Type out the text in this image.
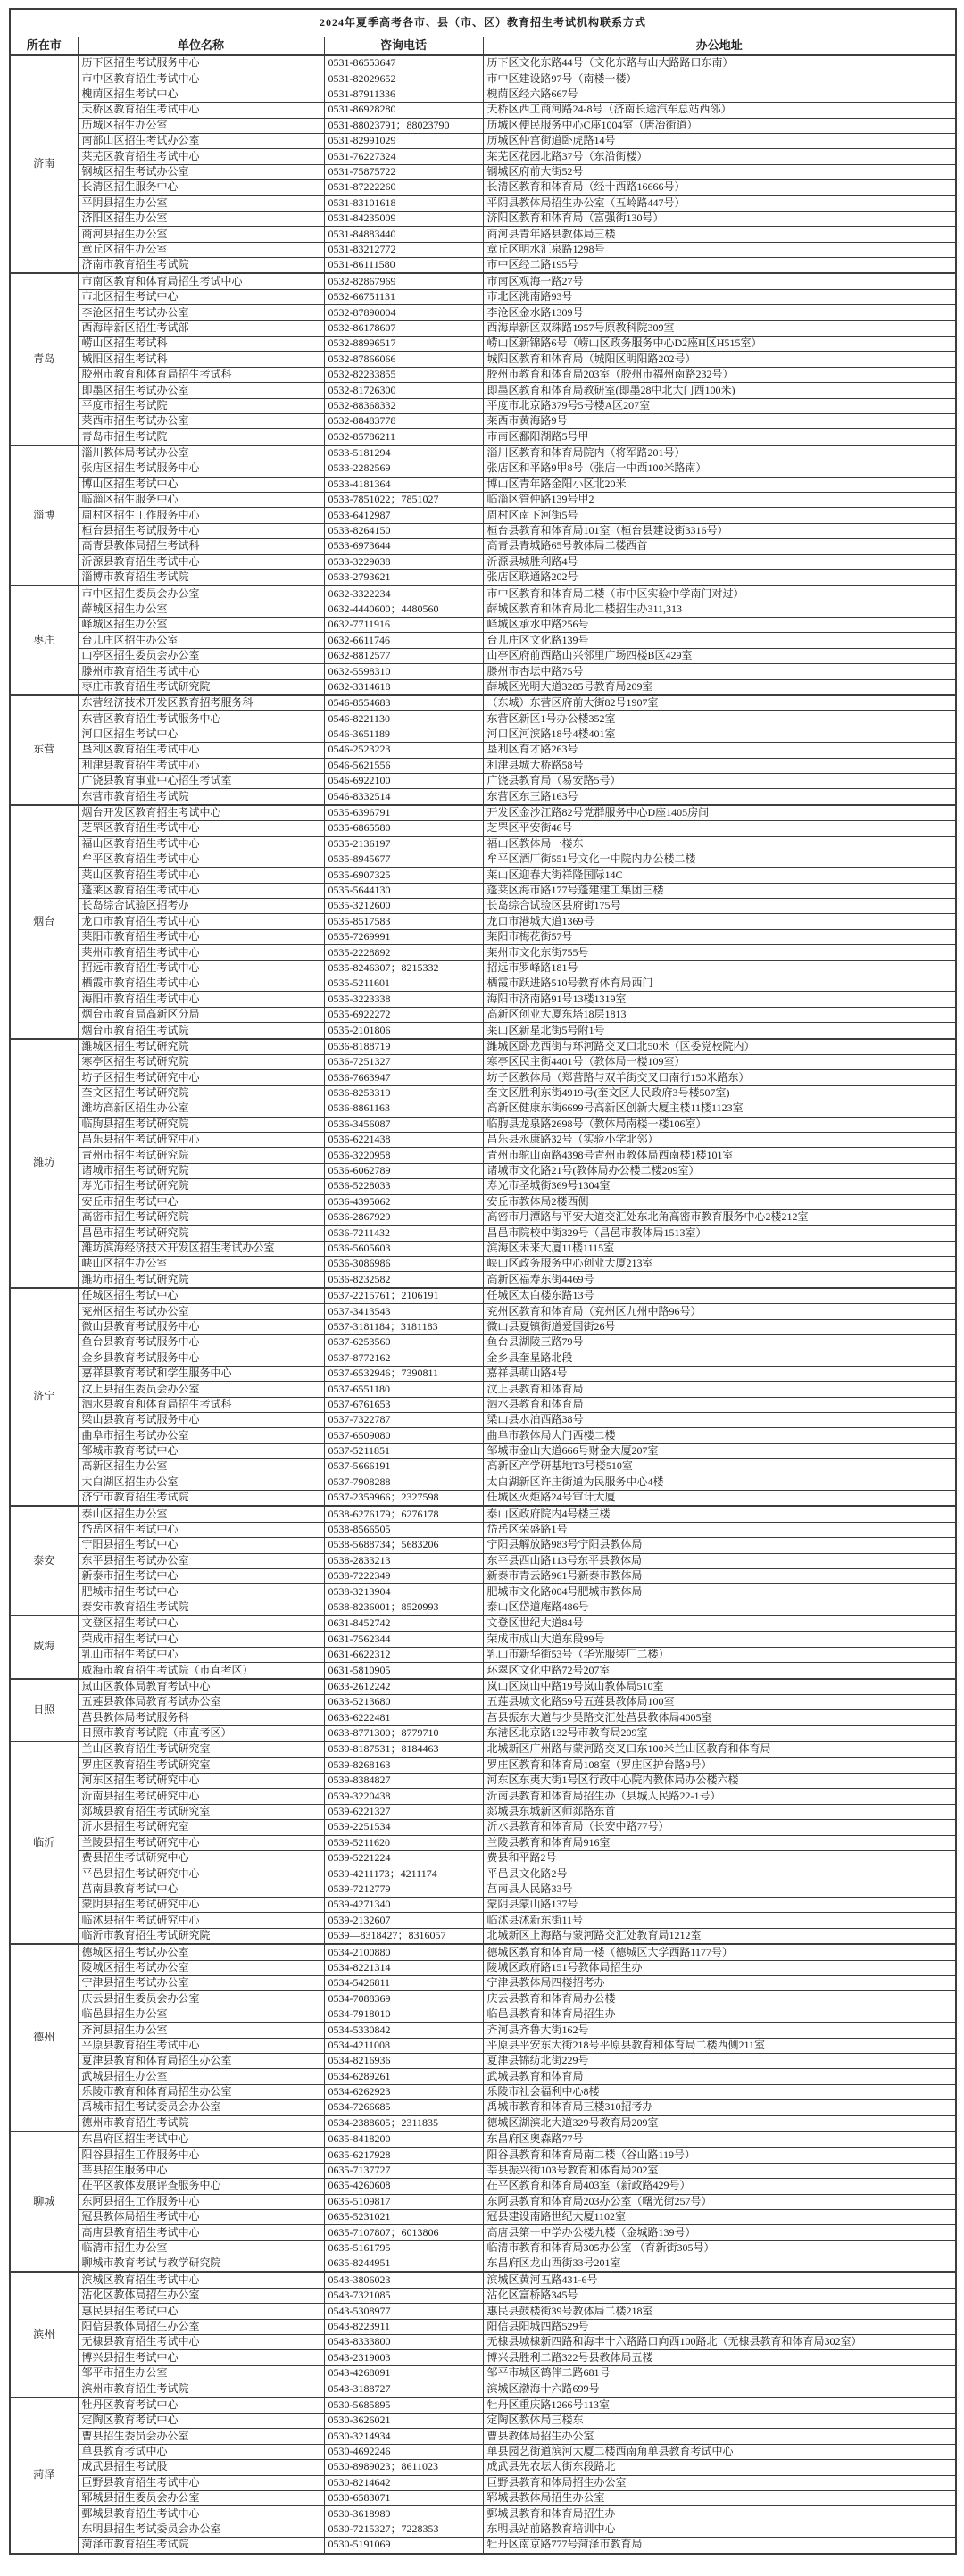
2024年夏季高考各市、县（市、区）教育招生考试机构联系方式			
所在市	单位名称	咨询电话	办公地址
济南	历下区招生考试服务中心	0531-86553647	历下区文化东路44号（文化东路与山大路路口东南）
	市中区教育招生考试中心	0531-82029652	市中区建设路97号（南楼一楼）
	槐荫区招生考试中心	0531-87911336	槐荫区经六路667号
	天桥区教育招生考试中心	0531-86928280	天桥区西工商河路24-8号（济南长途汽车总站西邻）
	历城区招生办公室	0531-88023791；88023790	历城区便民服务中心C座1004室（唐冶街道）
	南部山区招生考试办公室	0531-82991029	历城区仲宫街道卧虎路14号
	莱芜区教育招生考试中心	0531-76227324	莱芜区花园北路37号（东沿街楼）
	钢城区招生考试办公室	0531-75875722	钢城区府前大街52号
	长清区招生服务中心	0531-87222260	长清区教育和体育局（经十西路16666号）
	平阴县招生办公室	0531-83101618	平阴县教体局招生办公室（五岭路447号）
	济阳区招生办公室	0531-84235009	济阳区教育和体育局（富强街130号）
	商河县招生办公室	0531-84883440	商河县青年路县教体局三楼
	章丘区招生办公室	0531-83212772	章丘区明水汇泉路1298号
	济南市教育招生考试院	0531-86111580	市中区经二路195号
青岛	市南区教育和体育局招生考试中心	0532-82867969	市南区观海一路27号
	市北区招生考试中心	0532-66751131	市北区洮南路93号
	李沧区招生考试办公室	0532-87890004	李沧区金水路1309号
	西海岸新区招生考试部	0532-86178607	西海岸新区双珠路1957号原教科院309室
	崂山区招生考试科	0532-88996517	崂山区新锦路6号（崂山区政务服务中心D2座H区H515室）
	城阳区招生考试科	0532-87866066	城阳区教育和体育局（城阳区明阳路202号）
	胶州市教育和体育局招生考试科	0532-82233855	胶州市教育和体育局203室（胶州市福州南路232号）
	即墨区招生考试办公室	0532-81726300	即墨区教育和体育局教研室(即墨28中北大门西100米)
	平度市招生考试院	0532-88368332	平度市北京路379号5号楼A区207室
	莱西市招生考试办公室	0532-88483778	莱西市黄海路9号
	青岛市招生考试院	0532-85786211	市南区鄱阳湖路5号甲
淄博	淄川教体局考试办公室	0533-5181294	淄川区教育和体育局院内（将军路201号）
	张店区招生考试服务中心	0533-2282569	张店区和平路9甲8号（张店一中西100米路南）
	博山区招生考试中心	0533-4181364	博山区青年路金阳小区北20米
	临淄区招生服务中心	0533-7851022；7851027	临淄区管仲路139号甲2
	周村区招生工作服务中心	0533-6412987	周村区南下河街5号
	桓台县招生考试服务中心	0533-8264150	桓台县教育和体育局101室（桓台县建设街3316号）
	高青县教体局招生考试科	0533-6973644	高青县青城路65号教体局二楼西首
	沂源县教育招生考试中心	0533-3229038	沂源县城胜利路4号
	淄博市教育招生考试院	0533-2793621	张店区联通路202号
枣庄	市中区招生委员会办公室	0632-3322234	市中区教育和体育局二楼（市中区实验中学南门对过）
	薛城区招生办公室	0632-4440600；4480560	薛城区教育和体育局北二楼招生办311,313
	峄城区招生办公室	0632-7711916	峄城区承水中路256号
	台儿庄区招生办公室	0632-6611746	台儿庄区文化路139号
	山亭区招生委员会办公室	0632-8812577	山亭区府前西路山兴邻里广场四楼B区429室
	滕州市教育招生考试中心	0632-5598310	滕州市杏坛中路75号
	枣庄市教育招生考试研究院	0632-3314618	薛城区光明大道3285号教育局209室
东营	东营经济技术开发区教育招考服务科	0546-8554683	（东城）东营区府前大街82号1907室
	东营区教育招生考试服务中心	0546-8221130	东营区新区1号办公楼352室
	河口区招生考试中心	0546-3651189	河口区河滨路18号4楼401室
	垦利区教育招生考试中心	0546-2523223	垦利区育才路263号
	利津县教育招生考试中心	0546-5621556	利津县城大桥路58号
	广饶县教育事业中心招生考试室	0546-6922100	广饶县教育局（易安路5号）
	东营市教育招生考试院	0546-8332514	东营区东三路163号
烟台	烟台开发区教育招生考试中心	0535-6396791	开发区金沙江路82号党群服务中心D座1405房间
	芝罘区教育招生考试中心	0535-6865580	芝罘区平安街46号
	福山区教育招生考试中心	0535-2136197	福山区教体局一楼东
	牟平区教育招生考试中心	0535-8945677	牟平区酒厂街551号文化一中院内办公楼二楼
	莱山区教育招生考试中心	0535-6907325	莱山区迎春大街祥隆国际14C
	蓬莱区教育招生考试中心	0535-5644130	蓬莱区海市路177号蓬建建工集团三楼
	长岛综合试验区招考办	0535-3212600	长岛综合试验区县府街175号
	龙口市教育招生考试中心	0535-8517583	龙口市港城大道1369号
	莱阳市教育招生考试中心	0535-7269991	莱阳市梅花街57号
	莱州市教育招生考试中心	0535-2228892	莱州市文化东街755号
	招远市教育招生考试中心	0535-8246307；8215332	招远市罗峰路181号
	栖霞市教育招生考试中心	0535-5211601	栖霞市跃进路510号教育体育局西门
	海阳市教育招生考试中心	0535-3223338	海阳市济南路91号13楼1319室
	烟台市教育局高新区分局	0535-6922272	高新区创业大厦东塔18层1813
	烟台市教育招生考试院	0535-2101806	莱山区新星北街5号附1号
潍坊	潍城区招生考试研究院	0536-8188719	潍城区卧龙西街与环河路交叉口北50米（区委党校院内）
	寒亭区招生考试研究院	0536-7251327	寒亭区民主街4401号（教体局一楼109室）
	坊子区招生考试研究中心	0536-7663947	坊子区教体局（郑营路与双羊街交叉口南行150米路东）
	奎文区招生考试研究院	0536-8253319	奎文区胜利东街4919号(奎文区人民政府3号楼507室)
	潍坊高新区招生办公室	0536-8861163	高新区健康东街6699号高新区创新大厦主楼11楼1123室
	临朐县招生考试研究院	0536-3456087	临朐县龙泉路2698号（教体局南楼一楼106室）
	昌乐县招生考试研究中心	0536-6221438	昌乐县永康路32号（实验小学北邻）
	青州市招生考试研究院	0536-3220958	青州市驼山南路4398号青州市教体局西南楼1楼101室
	诸城市招生考试研究院	0536-6062789	诸城市文化路21号(教体局办公楼二楼209室）
	寿光市招生考试研究院	0536-5228033	寿光市圣城街369号1304室
	安丘市招生考试中心	0536-4395062	安丘市教体局2楼西侧
	高密市招生考试研究院	0536-2867929	高密市月潭路与平安大道交汇处东北角高密市教育服务中心2楼212室
	昌邑市招生考试研究院	0536-7211432	昌邑市院校中街329号（昌邑市教体局1513室）
	潍坊滨海经济技术开发区招生考试办公室	0536-5605603	滨海区未来大厦11楼1115室
	峡山区招生办公室	0536-3086986	峡山区政务服务中心创业大厦213室
	潍坊市招生考试研究院	0536-8232582	高新区福寿东街4469号
济宁	任城区招生考试中心	0537-2215761；2106191	任城区太白楼东路13号
	兖州区招生考试办公室	0537-3413543	兖州区教育和体育局（兖州区九州中路96号）
	微山县教育考试服务中心	0537-3181184；3181183	微山县夏镇街道爱国街26号
	鱼台县教育考试服务中心	0537-6253560	鱼台县湖陵三路79号
	金乡县教育考试服务中心	0537-8772162	金乡县奎星路北段
	嘉祥县教育考试和学生服务中心	0537-6532946；7390811	嘉祥县萌山路4号
	汶上县招生委员会办公室	0537-6551180	汶上县教育和体育局
	泗水县教育和体育局招生考试科	0537-6761653	泗水县教育和体育局
	梁山县教育考试服务中心	0537-7322787	梁山县水泊西路38号
	曲阜市招生考试办公室	0537-6509080	曲阜市教体局大门西楼二楼
	邹城市教育考试中心	0537-5211851	邹城市金山大道666号财金大厦207室
	高新区招生办公室	0537-5666191	高新区产学研基地T3号楼510室
	太白湖区招生办公室	0537-7908288	太白湖新区许庄街道为民服务中心4楼
	济宁市教育招生考试院	0537-2359966；2327598	任城区火炬路24号审计大厦
泰安	泰山区招生办公室	0538-6276179；6276178	泰山区政府院内4号楼三楼
	岱岳区招生考试中心	0538-8566505	岱岳区荣盛路1号
	宁阳县招生考试中心	0538-5688734；5683206	宁阳县解放路983号宁阳县教体局
	东平县招生考试办公室	0538-2833213	东平县西山路113号东平县教体局
	新泰市招生考试中心	0538-7222349	新泰市青云路961号新泰市教体局
	肥城市招生考试中心	0538-3213904	肥城市文化路004号肥城市教体局
	泰安市教育招生考试院	0538-8236001；8520993	泰山区岱道庵路486号
威海	文登区招生考试中心	0631-8452742	文登区世纪大道84号
	荣成市招生考试中心	0631-7562344	荣成市成山大道东段99号
	乳山市招生考试中心	0631-6622312	乳山市新华街53号（华光服装厂二楼）
	威海市教育招生考试院（市直考区）	0631-5810905	环翠区文化中路72号207室
日照	岚山区教体局教育考试中心	0633-2612242	岚山区岚山中路19号岚山教体局510室
	五莲县教体局教育考试办公室	0633-5213680	五莲县城文化路59号五莲县教体局100室
	莒县教体局考试服务科	0633-6222481	莒县振东大道与少昊路交汇处莒县教体局4005室
	日照市教育考试院（市直考区）	0633-8771300；8779710	东港区北京路132号市教育局209室
临沂	兰山区教育招生考试研究室	0539-8187531；8184463	北城新区广州路与蒙河路交叉口东100米兰山区教育和体育局
	罗庄区教育招生考试研究室	0539-8268163	罗庄区教育和体育局108室（罗庄区护台路9号）
	河东区招生考试研究中心	0539-8384827	河东区东夷大街1号区行政中心院内教体局办公楼六楼
	沂南县招生考试研究中心	0539-3220438	沂南县教育和体育局招生办（县城人民路22-1号）
	郯城县教育招生考试研究室	0539-6221327	郯城县东城新区师郯路东首
	沂水县招生考试研究室	0539-2251534	沂水县教育和体育局（长安中路77号）
	兰陵县招生考试研究中心	0539-5211620	兰陵县教育和体育局916室
	费县招生考试研究中心	0539-5221224	费县和平路2号
	平邑县招生考试研究中心	0539-4211173；4211174	平邑县文化路2号
	莒南县教育考试中心	0539-7212779	莒南县人民路33号
	蒙阴县招生考试研究中心	0539-4271340	蒙阴县蒙山路137号
	临沭县招生考试研究中心	0539-2132607	临沭县沭新东街11号
	临沂市教育招生考试研究院	0539—8318427；8316057	北城新区上海路与蒙河路交汇处教育局1212室
德州	德城区招生考试办公室	0534-2100880	德城区教育和体育局一楼（德城区大学西路1177号）
	陵城区招生考试办公室	0534-8221314	陵城区政府路151号教体局招生办
	宁津县招生考试办公室	0534-5426811	宁津县教体局四楼招考办
	庆云县招生委员会办公室	0534-7088369	庆云县教育和体育局办公楼
	临邑县招生办公室	0534-7918010	临邑县教育和体育局招生办
	齐河县招生办公室	0534-5330842	齐河县齐鲁大街162号
	平原县教育招生考试中心	0534-4211008	平原县平安东大街218号平原县教育和体育局二楼西侧211室
	夏津县教育和体育局招生办公室	0534-8216936	夏津县锦纺北街229号
	武城县招生办公室	0534-6289261	武城县教育和体育局
	乐陵市教育和体育局招生办公室	0534-6262923	乐陵市社会福利中心8楼
	禹城市招生考试委员会办公室	0534-7266685	禹城市教育和体育局三楼310招考办
	德州市教育招生考试院	0534-2388605；2311835	德城区湖滨北大道329号教育局209室
聊城	东昌府区招生考试中心	0635-8418200	东昌府区奥森路77号
	阳谷县招生工作服务中心	0635-6217928	阳谷县教育和体育局南二楼（谷山路119号）
	莘县招生服务中心	0635-7137727	莘县振兴街103号教育和体育局202室
	茌平区教体发展评查服务中心	0635-4260608	茌平区教育和体育局403室（新政路429号）
	东阿县招生工作服务中心	0635-5109817	东阿县教育和体育局203办公室（曙光街257号）
	冠县教体局招生考试中心	0635-5231021	冠县建设南路世纪大厦1102室
	高唐县教育招生考试中心	0635-7107807；6013806	高唐县第一中学办公楼九楼（金城路139号）
	临清市招生办公室	0635-5161795	临清市教育和体育局305办公室 （育新街305号）
	聊城市教育考试与教学研究院	0635-8244951	东昌府区龙山西街33号201室
滨州	滨城区教育招生考试中心	0543-3806023	滨城区黄河五路431-6号
	沾化区教体局招生办公室	0543-7321085	沾化区富桥路345号
	惠民县招生考试中心	0543-5308977	惠民县鼓楼街39号教体局二楼218室
	阳信县教体局招生办公室	0543-8223911	阳信县阳城四路529号
	无棣县教育招生考试中心	0543-8333800	无棣县城棣新四路和海丰十六路路口向西100路北（无棣县教育和体育局302室）
	博兴县招生考试中心	0543-2319003	博兴县胜利二路322号县教体局五楼
	邹平市招生办公室	0543-4268091	邹平市城区鹤伴二路681号
	滨州市教育招生考试院	0543-3188727	滨城区渤海十六路699号
菏泽	牡丹区教育考试中心	0530-5685895	牡丹区重庆路1266号113室
	定陶区教育考试中心	0530-3626021	定陶区教体局三楼东
	曹县招生委员会办公室	0530-3214934	曹县教体局招生办公室
	单县教育考试中心	0530-4692246	单县园艺街道滨河大厦二楼西南角单县教育考试中心
	成武县招生考试股	0530-8989023；8611023	成武县先农坛大街东段路北
	巨野县教育招生考试中心	0530-8214642	巨野县教育和体局招生办公室
	郓城县招生委员会办公室	0530-6583071	郓城县教体局招生办公室
	鄄城县教育招生考试中心	0530-3618989	鄄城县教育和体育局招生办
	东明县招生考试委员会办公室	0530-7215327；7228353	东明县站前路教育培训中心
	菏泽市教育招生考试院	0530-5191069	牡丹区南京路777号菏泽市教育局
